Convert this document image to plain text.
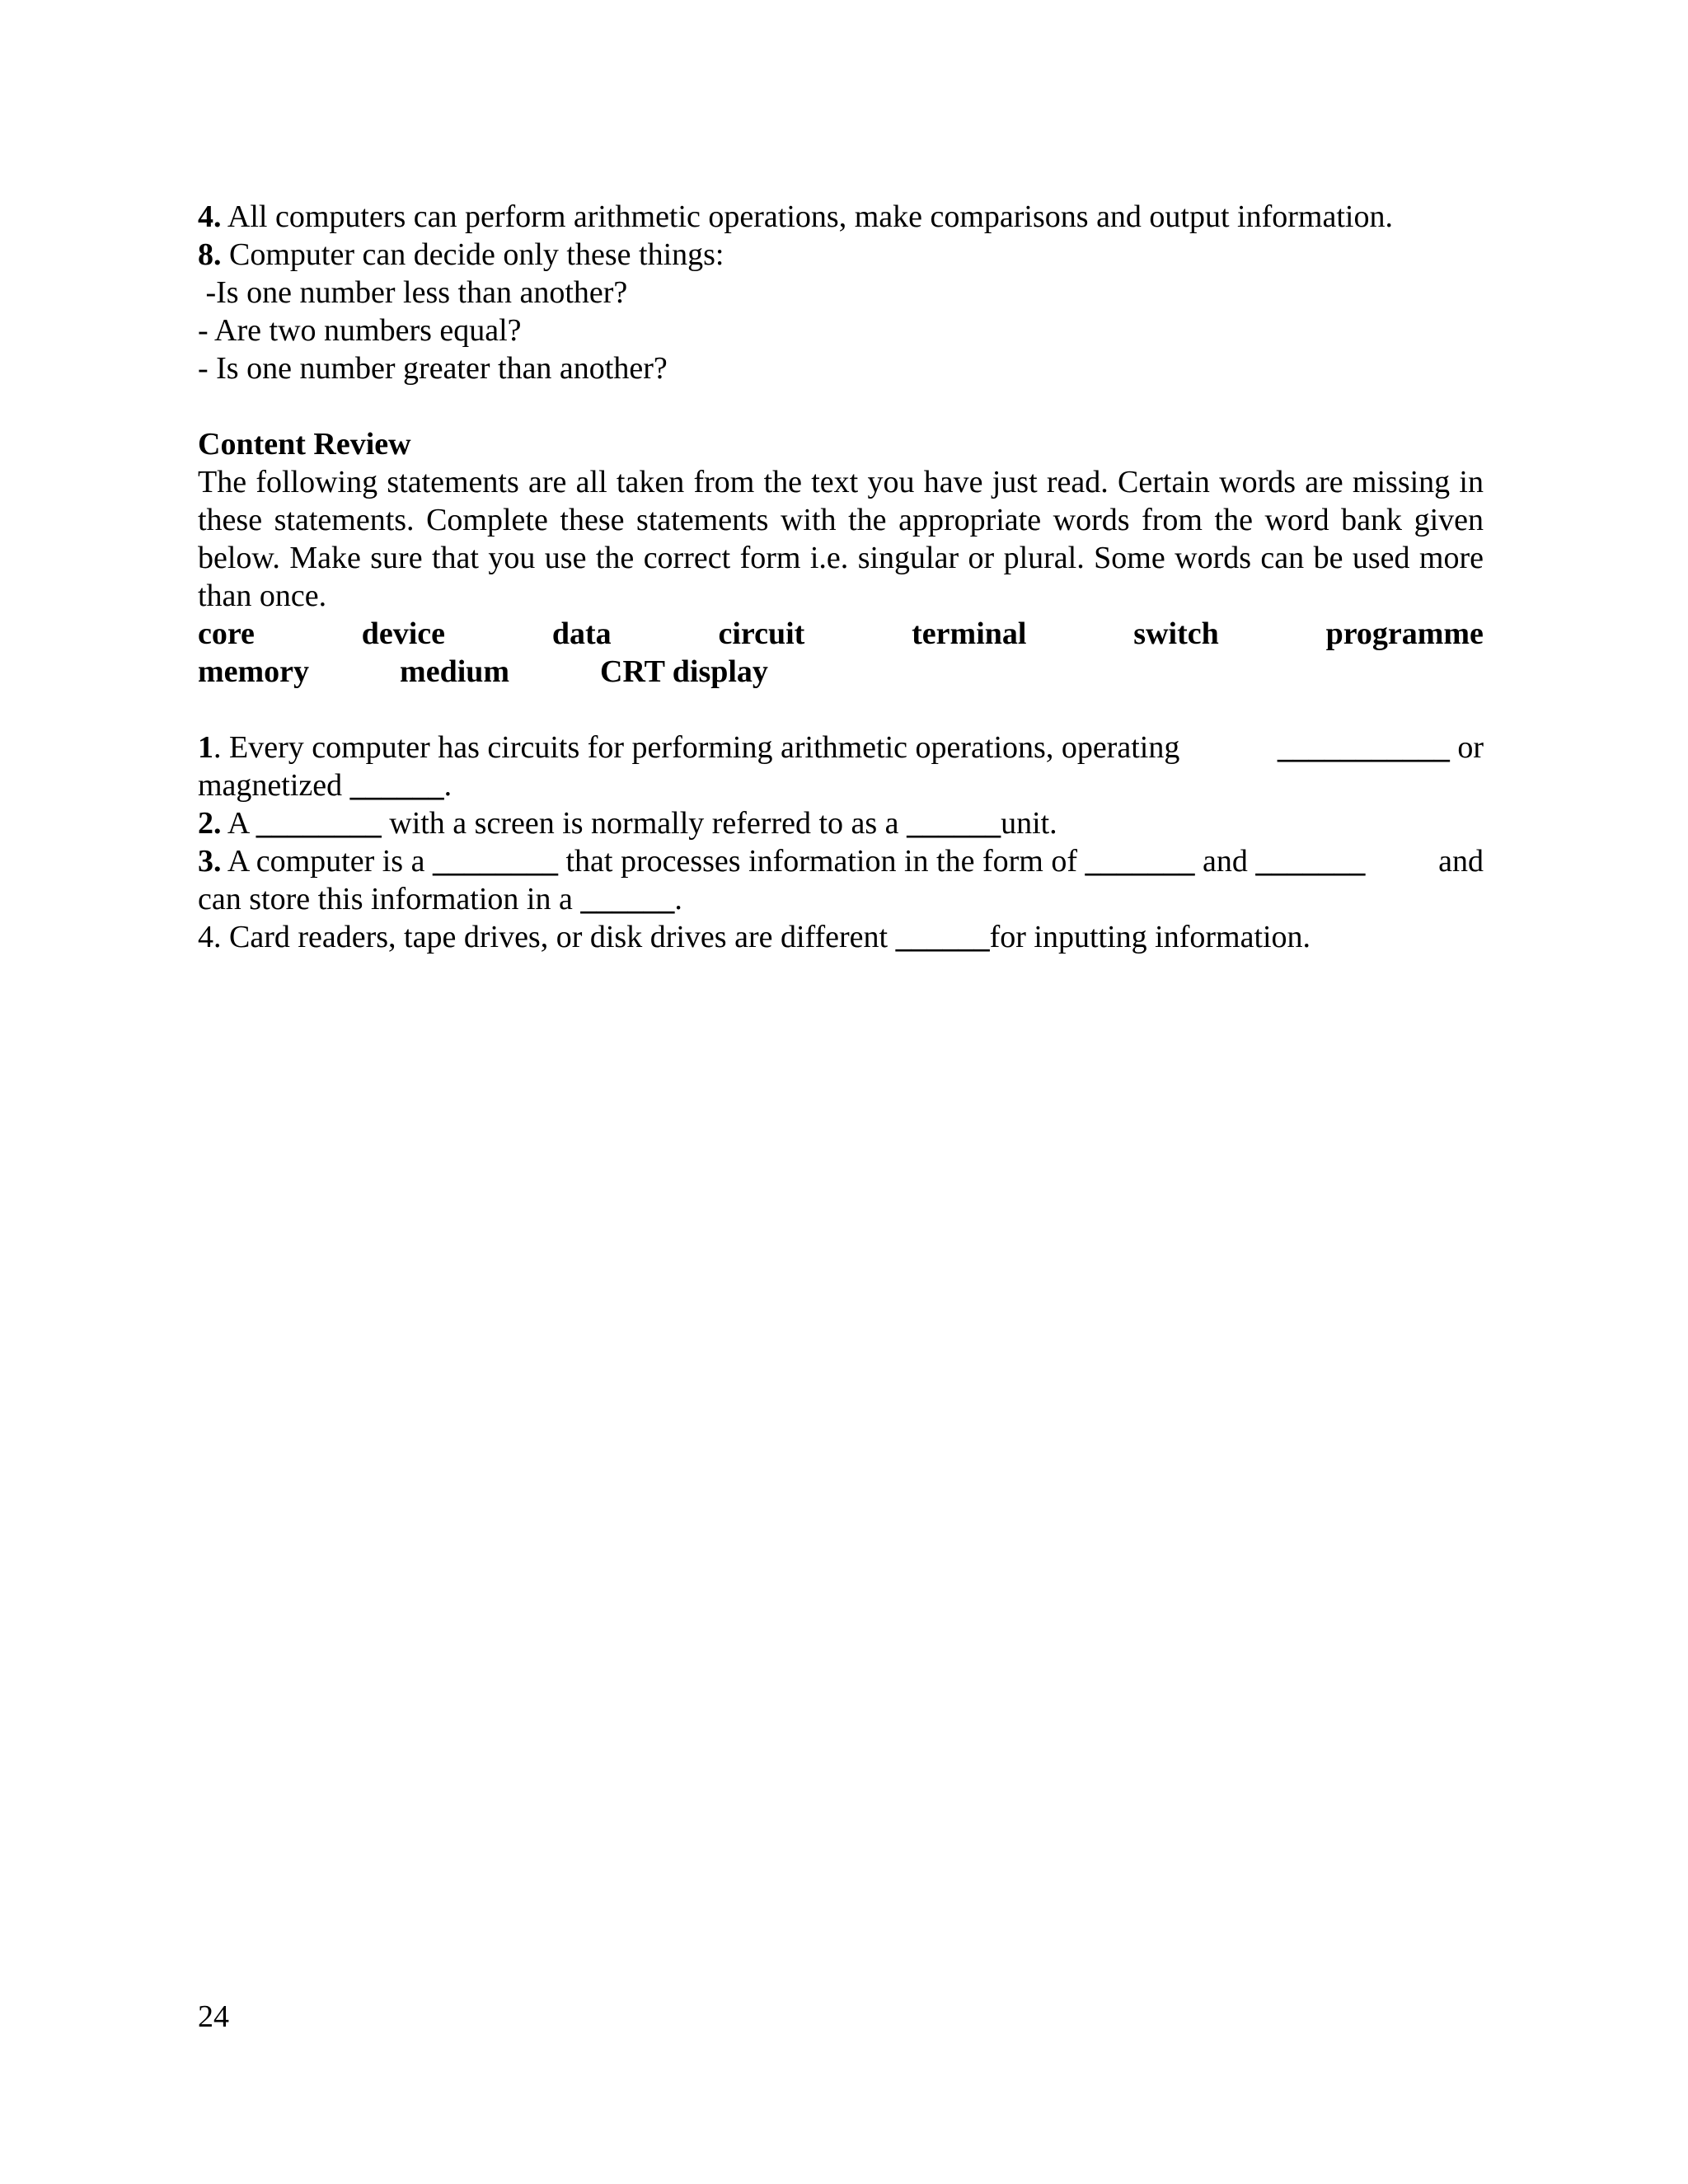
4. All computers can perform arithmetic operations, make comparisons and output information.
8. Computer can decide only these things:
-Is one number less than another?
- Are two numbers equal?
- Is one number greater than another?
Content Review
The following statements are all taken from the text you have just read. Certain words are missing in these statements. Complete these statements with the appropriate words from the word bank given below. Make sure that you use the correct form i.e. singular or plural. Some words can be used more than once.
core	device	data	circuit	terminal	switch	programme
memory	medium	CRT display
1. Every computer has circuits for performing arithmetic operations, operating	___________ or
magnetized ______.
2. A ________ with a screen is normally referred to as a ______unit.
3. A computer is a ________ that processes information in the form of _______ and _______ and
can store this information in a ______.
4. Card readers, tape drives, or disk drives are different ______for inputting information.
24
